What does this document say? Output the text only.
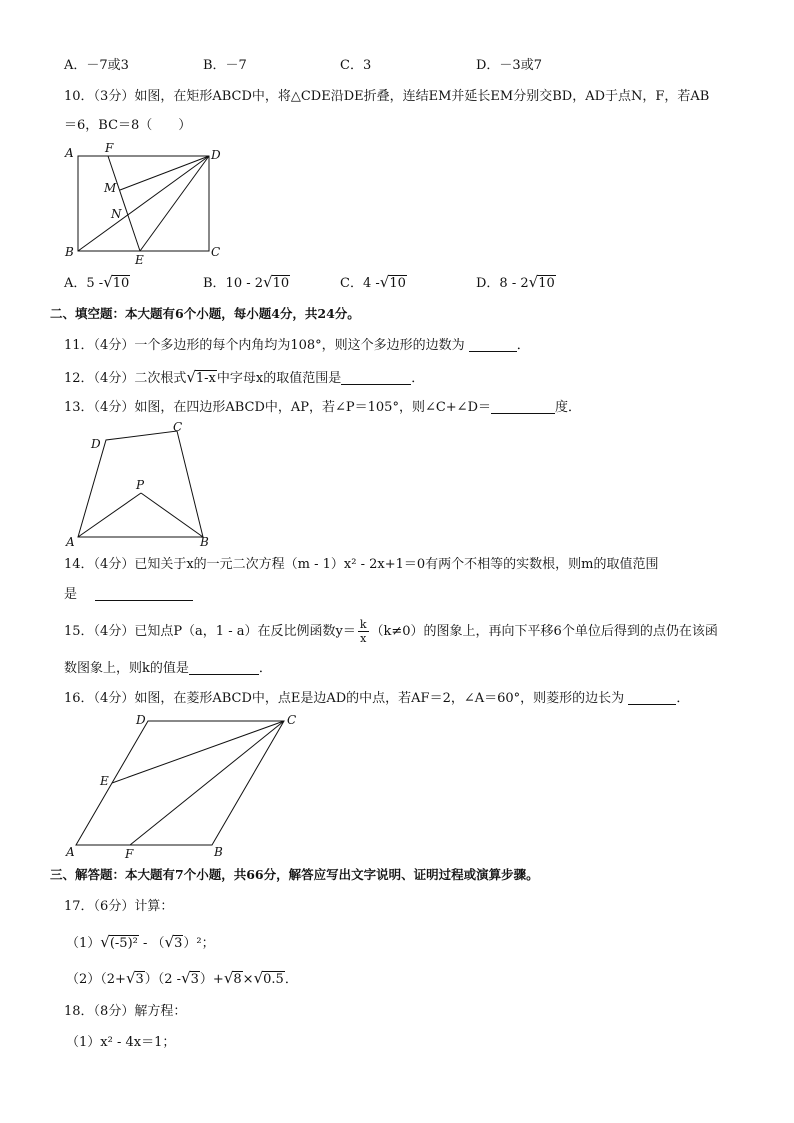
A．－7或3	B．－7	C．3	D．－3或7
10．（3分）如图，在矩形ABCD中，将△CDE沿DE折叠，连结EM并延长EM分别交BD，AD于点N，F，若AB
＝6，BC＝8（　　）
A	F	D
M
N
B
E
C
A．5 -√10	B．10 - 2√10	C．4 -√10	D．8 - 2√10
二、填空题：本大题有6个小题，每小题4分，共24分。
11．（4分）一个多边形的每个内角均为108°，则这个多边形的边数为	．
12．（4分）二次根式√1-x中字母x的取值范围是	．
13．（4分）如图，在四边形ABCD中，AP，若∠P＝105°，则∠C+∠D＝	度．
D
C
P
A	B
14．（4分）已知关于x的一元二次方程（m - 1）x² - 2x+1＝0有两个不相等的实数根，则m的取值范围
是
15．（4分）已知点P（a，1 - a）在反比例函数$y= \frac{k}{x} (k\ne 0)$的图象上，再向下平移6个单位后得到的点仍在该函
数图象上，则k的值是	．
16．（4分）如图，在菱形ABCD中，点E是边AD的中点，若AF＝2，∠A＝60°，则菱形的边长为	．
D	C
E
A	F	B
三、解答题：本大题有7个小题，共66分，解答应写出文字说明、证明过程或演算步骤。
17．（6分）计算：
（1）√(-5)² - （√3）²；
（2）（2+√3）（2 -√3）+√8×√0.5．
18．（8分）解方程：
（1）x² - 4x＝1；
